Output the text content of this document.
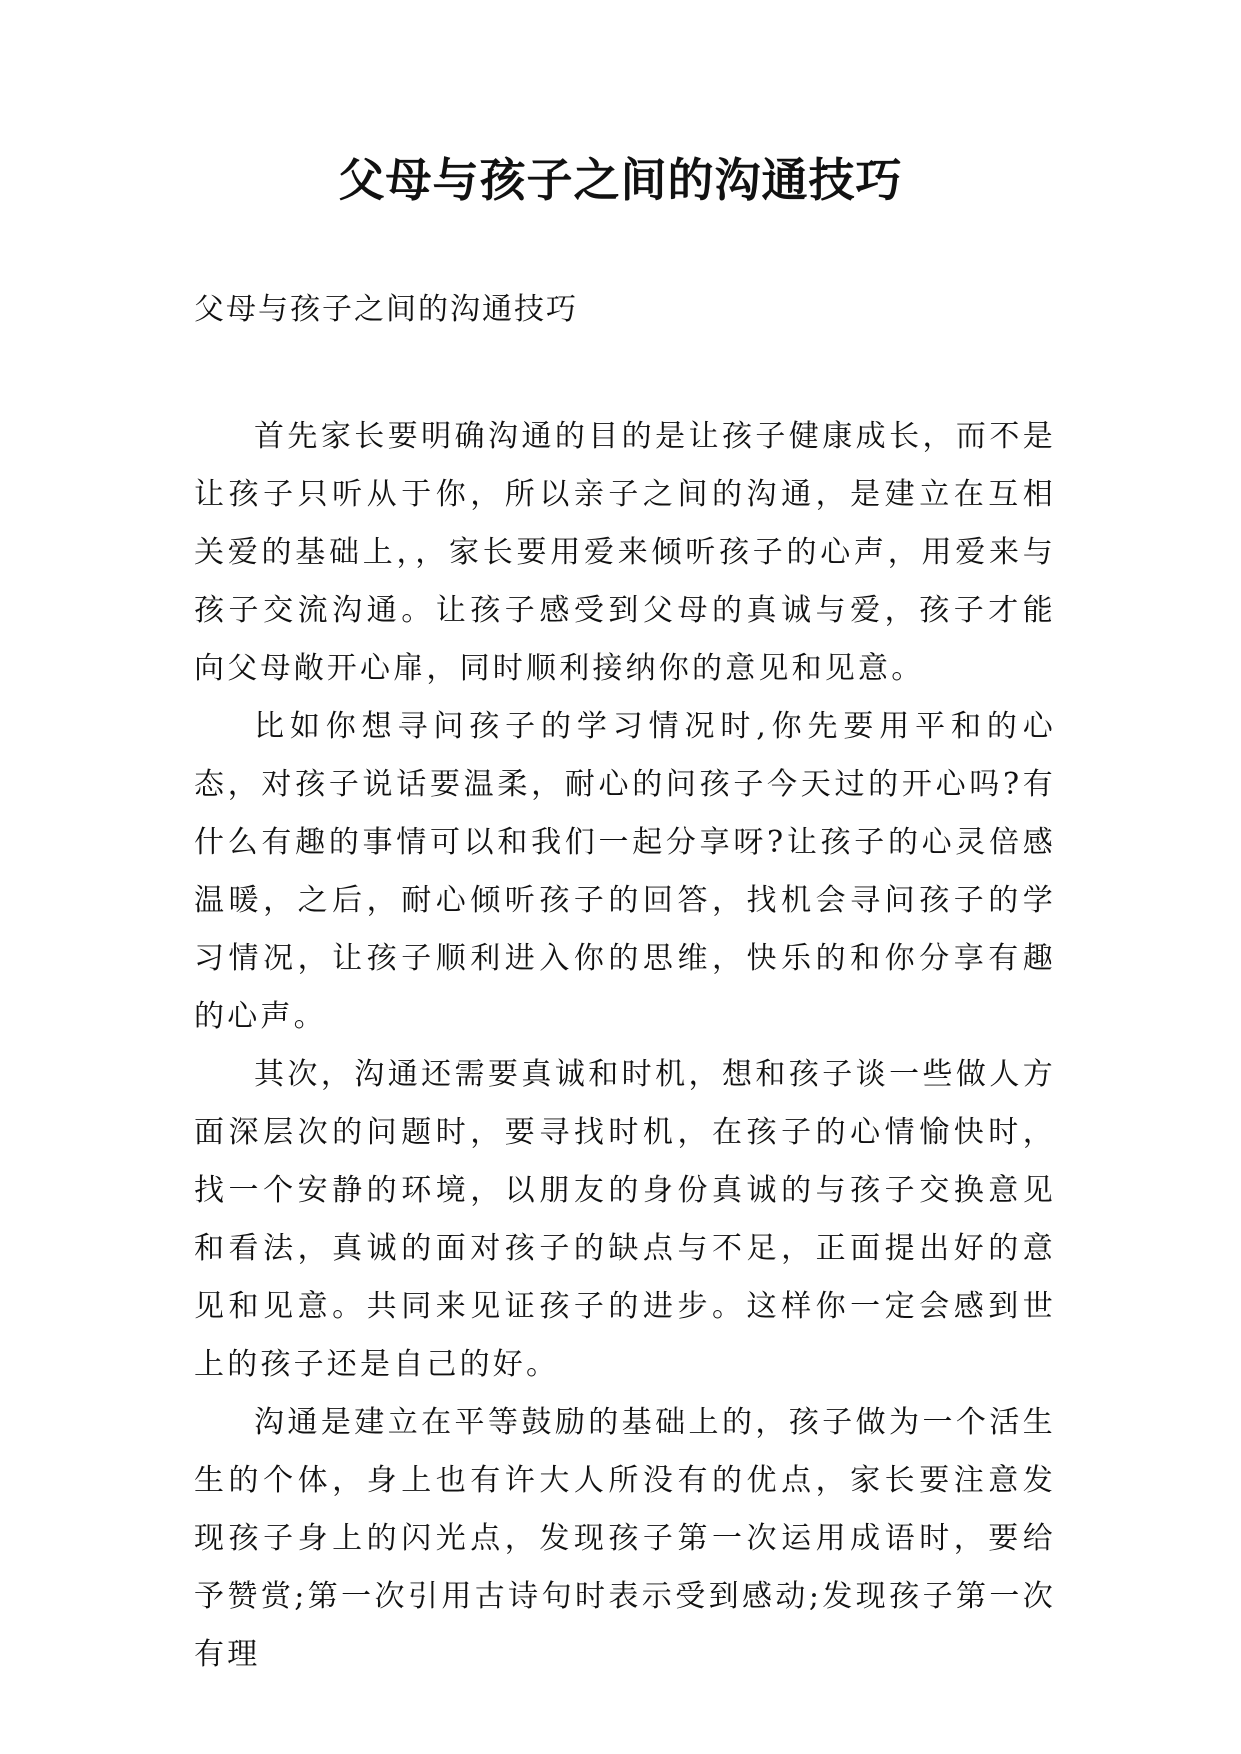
父母与孩子之间的沟通技巧

父母与孩子之间的沟通技巧

首先家长要明确沟通的目的是让孩子健康成长，而不是让孩子只听从于你，所以亲子之间的沟通，是建立在互相关爱的基础上，，家长要用爱来倾听孩子的心声，用爱来与孩子交流沟通。让孩子感受到父母的真诚与爱，孩子才能向父母敞开心扉，同时顺利接纳你的意见和见意。

比如你想寻问孩子的学习情况时,你先要用平和的心态，对孩子说话要温柔，耐心的问孩子今天过的开心吗?有什么有趣的事情可以和我们一起分享呀?让孩子的心灵倍感温暖，之后，耐心倾听孩子的回答，找机会寻问孩子的学习情况，让孩子顺利进入你的思维，快乐的和你分享有趣的心声。

其次，沟通还需要真诚和时机，想和孩子谈一些做人方面深层次的问题时，要寻找时机，在孩子的心情愉快时，找一个安静的环境，以朋友的身份真诚的与孩子交换意见和看法，真诚的面对孩子的缺点与不足，正面提出好的意见和见意。共同来见证孩子的进步。这样你一定会感到世上的孩子还是自己的好。

沟通是建立在平等鼓励的基础上的，孩子做为一个活生生的个体，身上也有许大人所没有的优点，家长要注意发现孩子身上的闪光点，发现孩子第一次运用成语时，要给予赞赏;第一次引用古诗句时表示受到感动;发现孩子第一次有理
